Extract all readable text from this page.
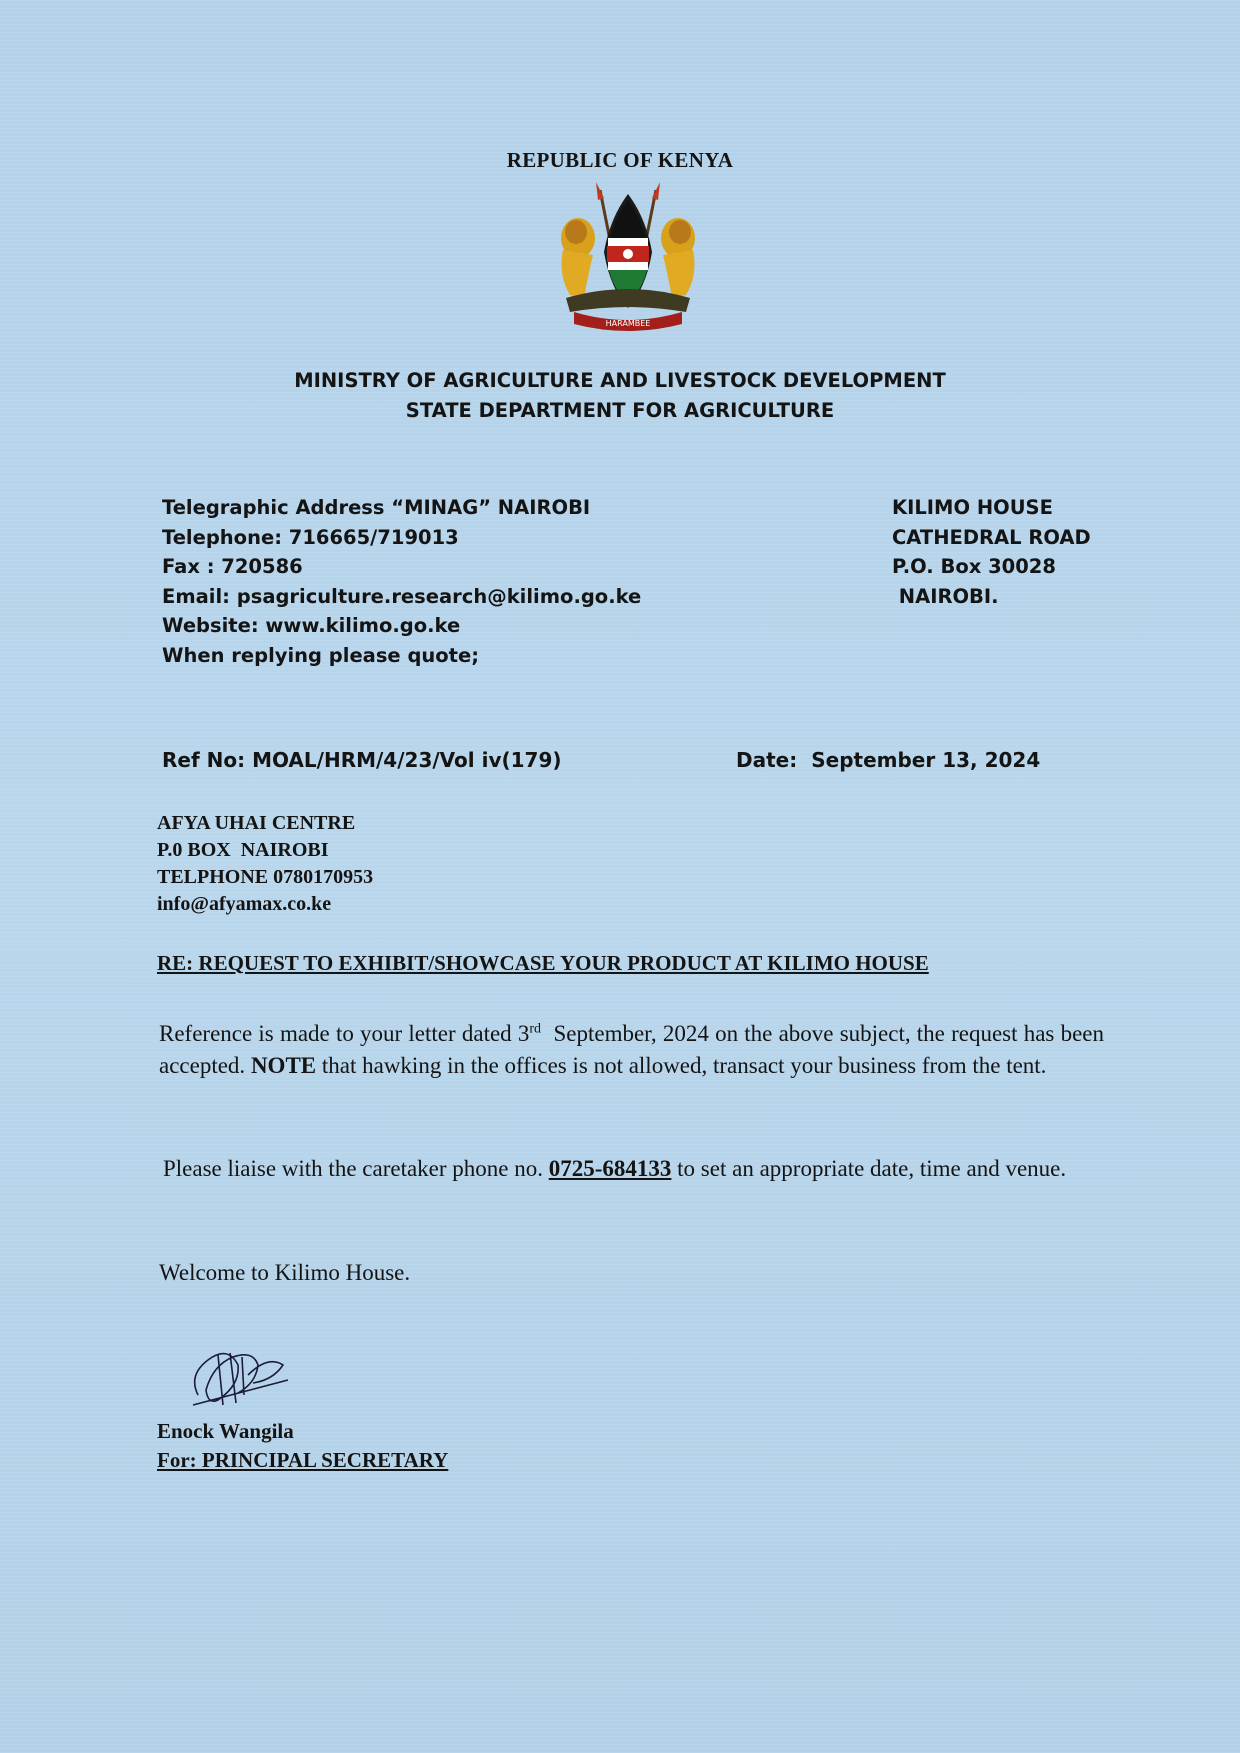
REPUBLIC OF KENYA
HARAMBEE
MINISTRY OF AGRICULTURE AND LIVESTOCK DEVELOPMENT
STATE DEPARTMENT FOR AGRICULTURE
Telegraphic Address “MINAG” NAIROBI
Telephone: 716665/719013
Fax : 720586
Email: psagriculture.research@kilimo.go.ke
Website: www.kilimo.go.ke
When replying please quote;
KILIMO HOUSE
CATHEDRAL ROAD
P.O. Box 30028
NAIROBI.
Ref No: MOAL/HRM/4/23/Vol iv(179)	Date: September 13, 2024
AFYA UHAI CENTRE
P.0 BOX  NAIROBI
TELPHONE 0780170953
info@afyamax.co.ke
RE: REQUEST TO EXHIBIT/SHOWCASE YOUR PRODUCT AT KILIMO HOUSE
Reference is made to your letter dated 3rd  September, 2024 on the above subject, the request has been accepted. NOTE that hawking in the offices is not allowed, transact your business from the tent.
Please liaise with the caretaker phone no. 0725-684133 to set an appropriate date, time and venue.
Welcome to Kilimo House.
Enock Wangila
For: PRINCIPAL SECRETARY
